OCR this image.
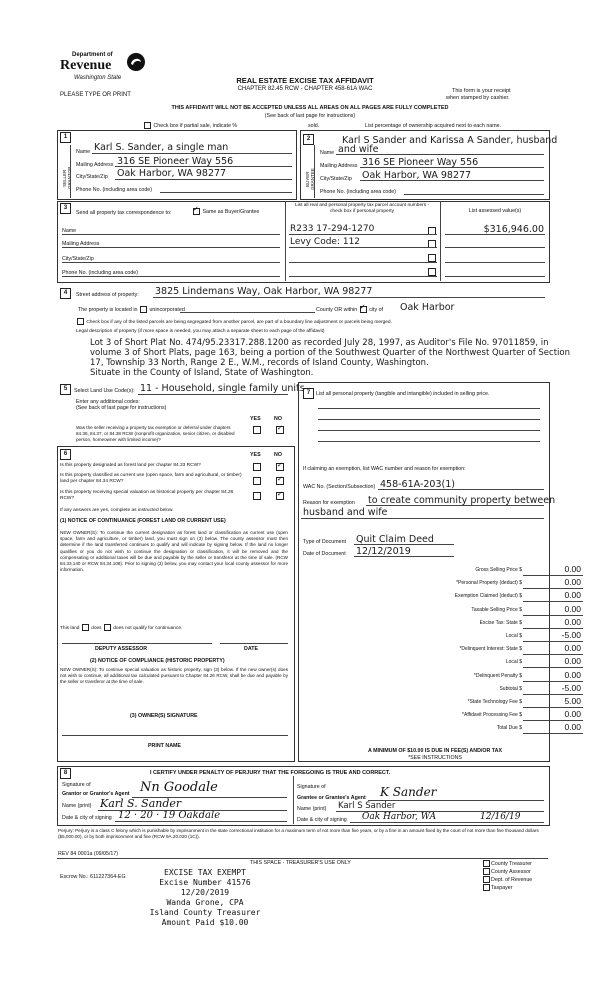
Department of
Revenue
Washington State
PLEASE TYPE OR PRINT
REAL ESTATE EXCISE TAX AFFIDAVIT
CHAPTER 82.45 RCW - CHAPTER 458-61A WAC	This form is your receipt
when stamped by cashier.
THIS AFFIDAVIT WILL NOT BE ACCEPTED UNLESS ALL AREAS ON ALL PAGES ARE FULLY COMPLETED
(See back of last page for instructions)
Check box if partial sale, indicate %	sold.	List percentage of ownership acquired next to each name.
1	2
SELLER GRANTOR	BUYER GRANTEE
Name Karl S. Sander, a single man
Mailing Address 316 SE Pioneer Way 556
City/State/Zip Oak Harbor, WA 98277
Phone No. (including area code)
Karl S Sander and Karissa A Sander, husband
Name and wife
Mailing Address 316 SE Pioneer Way 556
City/State/Zip Oak Harbor, WA 98277
Phone No. (including area code)
3
Send all property tax correspondence to: ✓	Same as Buyer/Grantee
List all real and personal property tax parcel account numbers - check box if personal property	List assessed value(s)
Name
Mailing Address
City/State/Zip
Phone No. (including area code)
R233 17-294-1270
Levy Code: 112
$316,946.00
4	Street address of property: 3825 Lindemans Way, Oak Harbor, WA 98277
The property is located in unincorporated	County OR within ✓ city of Oak Harbor
Check box if any of the listed parcels are being segregated from another parcel, are part of a boundary line adjustment or parcels being merged.
Legal description of property (if more space is needed, you may attach a separate sheet to each page of the affidavit)
Lot 3 of Short Plat No. 474/95.23317.288.1200 as recorded July 28, 1997, as Auditor's File No. 97011859, in
volume 3 of Short Plats, page 163, being a portion of the Southwest Quarter of the Northwest Quarter of Section
17, Township 33 North, Range 2 E., W.M., records of Island County, Washington.
Situate in the County of Island, State of Washington.
5	Select Land Use Code(s): 11 - Household, single family units
Enter any additional codes:
(See back of last page for instructions)
YES	NO
Was the seller receiving a property tax exemption or deferral under chapters 84.36, 84.37, or 84.38 RCW (nonprofit organization, senior citizen, or disabled person, homeowner with limited income)?
✓
7	List all personal property (tangible and intangible) included in selling price.
6	YES	NO
Is this property designated as forest land per chapter 84.33 RCW?
✓
Is this property classified as current use (open space, farm and agricultural, or timber) land per chapter 84.34 RCW?
✓
Is this property receiving special valuation as historical property per chapter 84.26 RCW?
✓
If any answers are yes, complete as instructed below.
(1) NOTICE OF CONTINUANCE (FOREST LAND OR CURRENT USE)
NEW OWNER(S): To continue the current designation as forest land or classification as current use (open space, farm and agriculture, or timber) land, you must sign on (3) below. The county assessor must then determine if the land transferred continues to qualify and will indicate by signing below. If the land no longer qualifies or you do not wish to continue the designation or classification, it will be removed and the compensating or additional taxes will be due and payable by the seller or transferor at the time of sale. (RCW 84.33.140 or RCW 84.34.108). Prior to signing (3) below, you may contact your local county assessor for more information.
This land does does not qualify for continuance.
DEPUTY ASSESSOR	DATE
(2) NOTICE OF COMPLIANCE (HISTORIC PROPERTY)
NEW OWNER(S): To continue special valuation as historic property, sign (3) below. If the new owner(s) does not wish to continue, all additional tax calculated pursuant to Chapter 84.26 RCW, shall be due and payable by the seller or transferor at the time of sale.
(3) OWNER(S) SIGNATURE
PRINT NAME
If claiming an exemption, list WAC number and reason for exemption:
WAC No. (Section/Subsection) 458-61A-203(1)
Reason for exemption to create community property between
husband and wife
Type of Document Quit Claim Deed
Date of Document 12/12/2019
Gross Selling Price $	0.00
*Personal Property (deduct) $	0.00
Exemption Claimed (deduct) $	0.00
Taxable Selling Price $	0.00
Excise Tax: State $	0.00
Local $	-5.00
*Delinquent Interest: State $	0.00
Local $	0.00
*Delinquent Penalty $	0.00
Subtotal $	-5.00
*State Technology Fee $	5.00
*Affidavit Processing Fee $	0.00
Total Due $	0.00
A MINIMUM OF $10.00 IS DUE IN FEE(S) AND/OR TAX
*SEE INSTRUCTIONS
8	I CERTIFY UNDER PENALTY OF PERJURY THAT THE FOREGOING IS TRUE AND CORRECT.
Signature of
Grantor or Grantor's Agent Nn Goodale
Name (print) Karl S. Sander
Date & city of signing 12 · 20 · 19 Oakdale
Signature of
Grantee or Grantee's Agent K Sander
Name (print) Karl S Sander
Date & city of signing Oak Harbor, WA	12/16/19
Perjury: Perjury is a class C felony which is punishable by imprisonment in the state correctional institution for a maximum term of not more than five years, or by a fine in an amount fixed by the court of not more than five thousand dollars ($5,000.00), or by both imprisonment and fine (RCW 9A.20.020 (1C)).
REV 84 0001a (09/05/17)
THIS SPACE - TREASURER'S USE ONLY
Escrow No.: 611227364-EG
County Treasurer
County Assessor
Dept. of Revenue
Taxpayer
EXCISE TAX EXEMPT
Excise Number 41576
12/20/2019
Wanda Grone, CPA
Island County Treasurer
Amount Paid $10.00
